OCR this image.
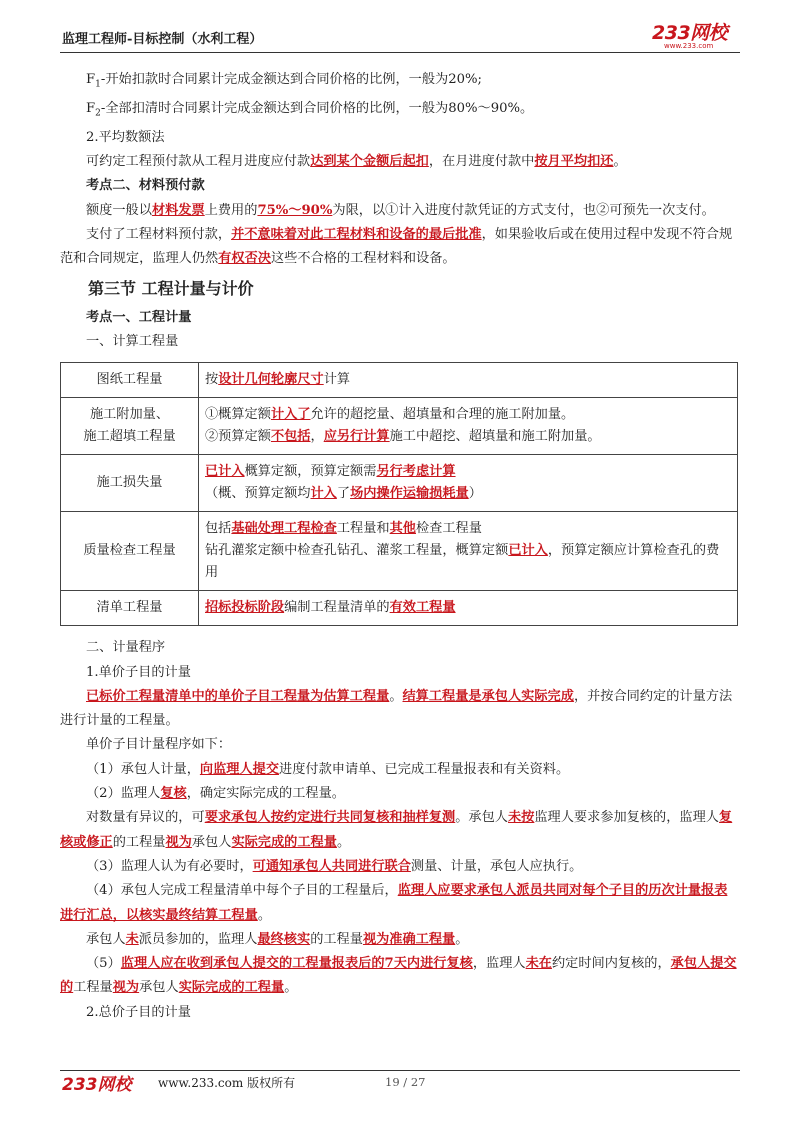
监理工程师-目标控制（水利工程）	233网校
www.233.com

$F_1-$开始扣款时合同累计完成金额达到合同价格的比例，一般为20%;

$F_2-$全部扣清时合同累计完成金额达到合同价格的比例，一般为80%～90%。

2.平均数额法

可约定工程预付款从工程月进度应付款达到某个金额后起扣，在月进度付款中按月平均扣还。

考点二、材料预付款

额度一般以材料发票上费用的75%～90%为限，以①计入进度付款凭证的方式支付，也②可预先一次支付。

支付了工程材料预付款，并不意味着对此工程材料和设备的最后批准，如果验收后或在使用过程中发现不符合规范和合同规定，监理人仍然有权否决这些不合格的工程材料和设备。

第三节 工程计量与计价

考点一、工程计量

一、计算工程量

图纸工程量	按设计几何轮廓尺寸计算
施工附加量、
施工超填工程量	①概算定额计入了允许的超挖量、超填量和合理的施工附加量。
②预算定额不包括，应另行计算施工中超挖、超填量和施工附加量。
施工损失量	已计入概算定额，预算定额需另行考虑计算
（概、预算定额均计入了场内操作运输损耗量）
质量检查工程量	包括基础处理工程检查工程量和其他检查工程量
钻孔灌浆定额中检查孔钻孔、灌浆工程量，概算定额已计入，预算定额应计算检查孔的费用
清单工程量	招标投标阶段编制工程量清单的有效工程量

二、计量程序

1.单价子目的计量

已标价工程量清单中的单价子目工程量为估算工程量。结算工程量是承包人实际完成，并按合同约定的计量方法进行计量的工程量。

单价子目计量程序如下：

（1）承包人计量，向监理人提交进度付款申请单、已完成工程量报表和有关资料。

（2）监理人复核，确定实际完成的工程量。

对数量有异议的，可要求承包人按约定进行共同复核和抽样复测。承包人未按监理人要求参加复核的，监理人复核或修正的工程量视为承包人实际完成的工程量。

（3）监理人认为有必要时，可通知承包人共同进行联合测量、计量，承包人应执行。

（4）承包人完成工程量清单中每个子目的工程量后，监理人应要求承包人派员共同对每个子目的历次计量报表进行汇总，以核实最终结算工程量。

承包人未派员参加的，监理人最终核实的工程量视为准确工程量。

（5）监理人应在收到承包人提交的工程量报表后的7天内进行复核，监理人未在约定时间内复核的，承包人提交的工程量视为承包人实际完成的工程量。

2.总价子目的计量

233网校 www.233.com 版权所有	19 / 27
